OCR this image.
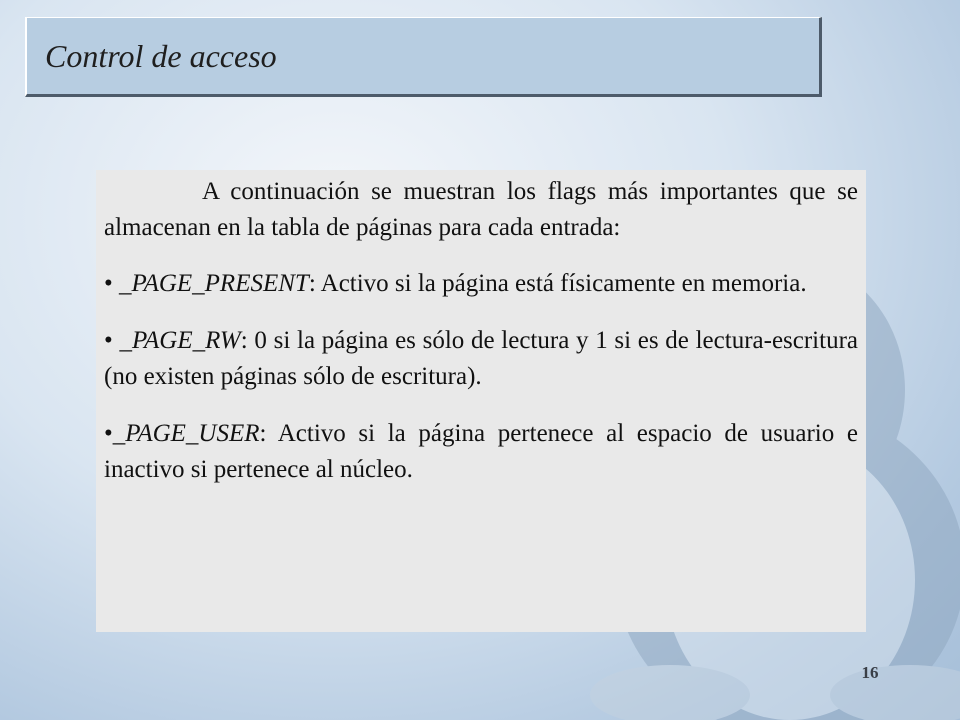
Control de acceso

A continuación se muestran los flags más importantes que se almacenan en la tabla de páginas para cada entrada:

• _PAGE_PRESENT: Activo si la página está físicamente en memoria.

• _PAGE_RW: 0 si la página es sólo de lectura y 1 si es de lectura-escritura (no existen páginas sólo de escritura).

•_PAGE_USER: Activo si la página pertenece al espacio de usuario e inactivo si pertenece al núcleo.

16
